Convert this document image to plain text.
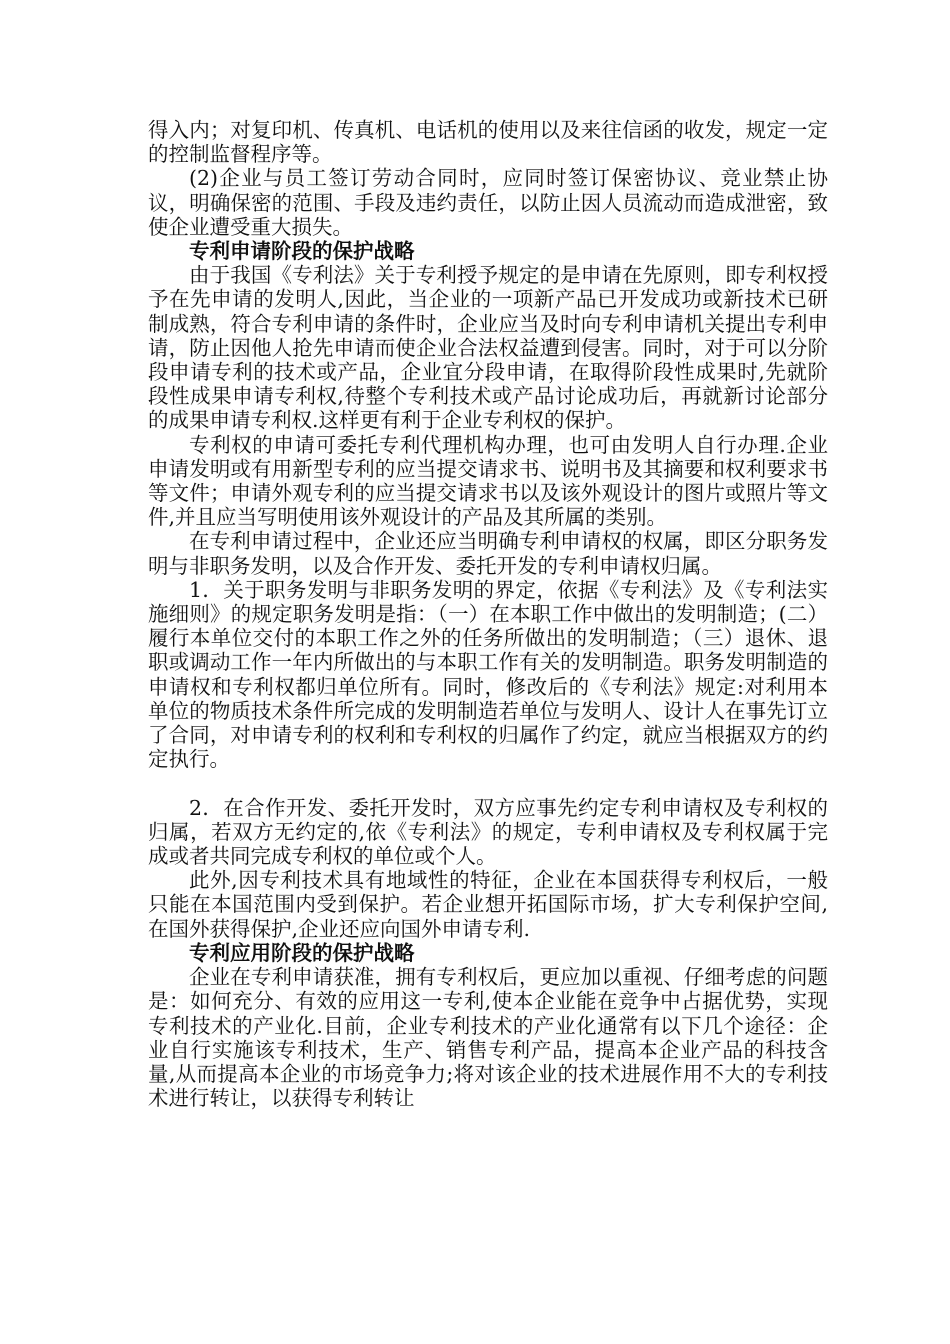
得入内；对复印机、传真机、电话机的使用以及来往信函的收发，规定一定的控制监督程序等。

(2)企业与员工签订劳动合同时，应同时签订保密协议、竞业禁止协议，明确保密的范围、手段及违约责任，以防止因人员流动而造成泄密，致使企业遭受重大损失。

专利申请阶段的保护战略

由于我国《专利法》关于专利授予规定的是申请在先原则，即专利权授予在先申请的发明人,因此，当企业的一项新产品已开发成功或新技术已研制成熟，符合专利申请的条件时，企业应当及时向专利申请机关提出专利申请，防止因他人抢先申请而使企业合法权益遭到侵害。同时，对于可以分阶段申请专利的技术或产品，企业宜分段申请，在取得阶段性成果时,先就阶段性成果申请专利权,待整个专利技术或产品讨论成功后，再就新讨论部分的成果申请专利权.这样更有利于企业专利权的保护。

专利权的申请可委托专利代理机构办理，也可由发明人自行办理.企业申请发明或有用新型专利的应当提交请求书、说明书及其摘要和权利要求书等文件；申请外观专利的应当提交请求书以及该外观设计的图片或照片等文件,并且应当写明使用该外观设计的产品及其所属的类别。

在专利申请过程中，企业还应当明确专利申请权的权属，即区分职务发明与非职务发明，以及合作开发、委托开发的专利申请权归属。

1．关于职务发明与非职务发明的界定，依据《专利法》及《专利法实施细则》的规定职务发明是指：（一）在本职工作中做出的发明制造；(二）履行本单位交付的本职工作之外的任务所做出的发明制造；（三）退休、退职或调动工作一年内所做出的与本职工作有关的发明制造。职务发明制造的申请权和专利权都归单位所有。同时，修改后的《专利法》规定:对利用本单位的物质技术条件所完成的发明制造若单位与发明人、设计人在事先订立了合同，对申请专利的权利和专利权的归属作了约定，就应当根据双方的约定执行。

2．在合作开发、委托开发时，双方应事先约定专利申请权及专利权的归属，若双方无约定的,依《专利法》的规定，专利申请权及专利权属于完成或者共同完成专利权的单位或个人。

此外,因专利技术具有地域性的特征，企业在本国获得专利权后，一般只能在本国范围内受到保护。若企业想开拓国际市场，扩大专利保护空间,在国外获得保护,企业还应向国外申请专利.

专利应用阶段的保护战略

企业在专利申请获准，拥有专利权后，更应加以重视、仔细考虑的问题是：如何充分、有效的应用这一专利,使本企业能在竞争中占据优势，实现专利技术的产业化.目前，企业专利技术的产业化通常有以下几个途径：企业自行实施该专利技术，生产、销售专利产品，提高本企业产品的科技含量,从而提高本企业的市场竞争力;将对该企业的技术进展作用不大的专利技术进行转让，以获得专利转让
